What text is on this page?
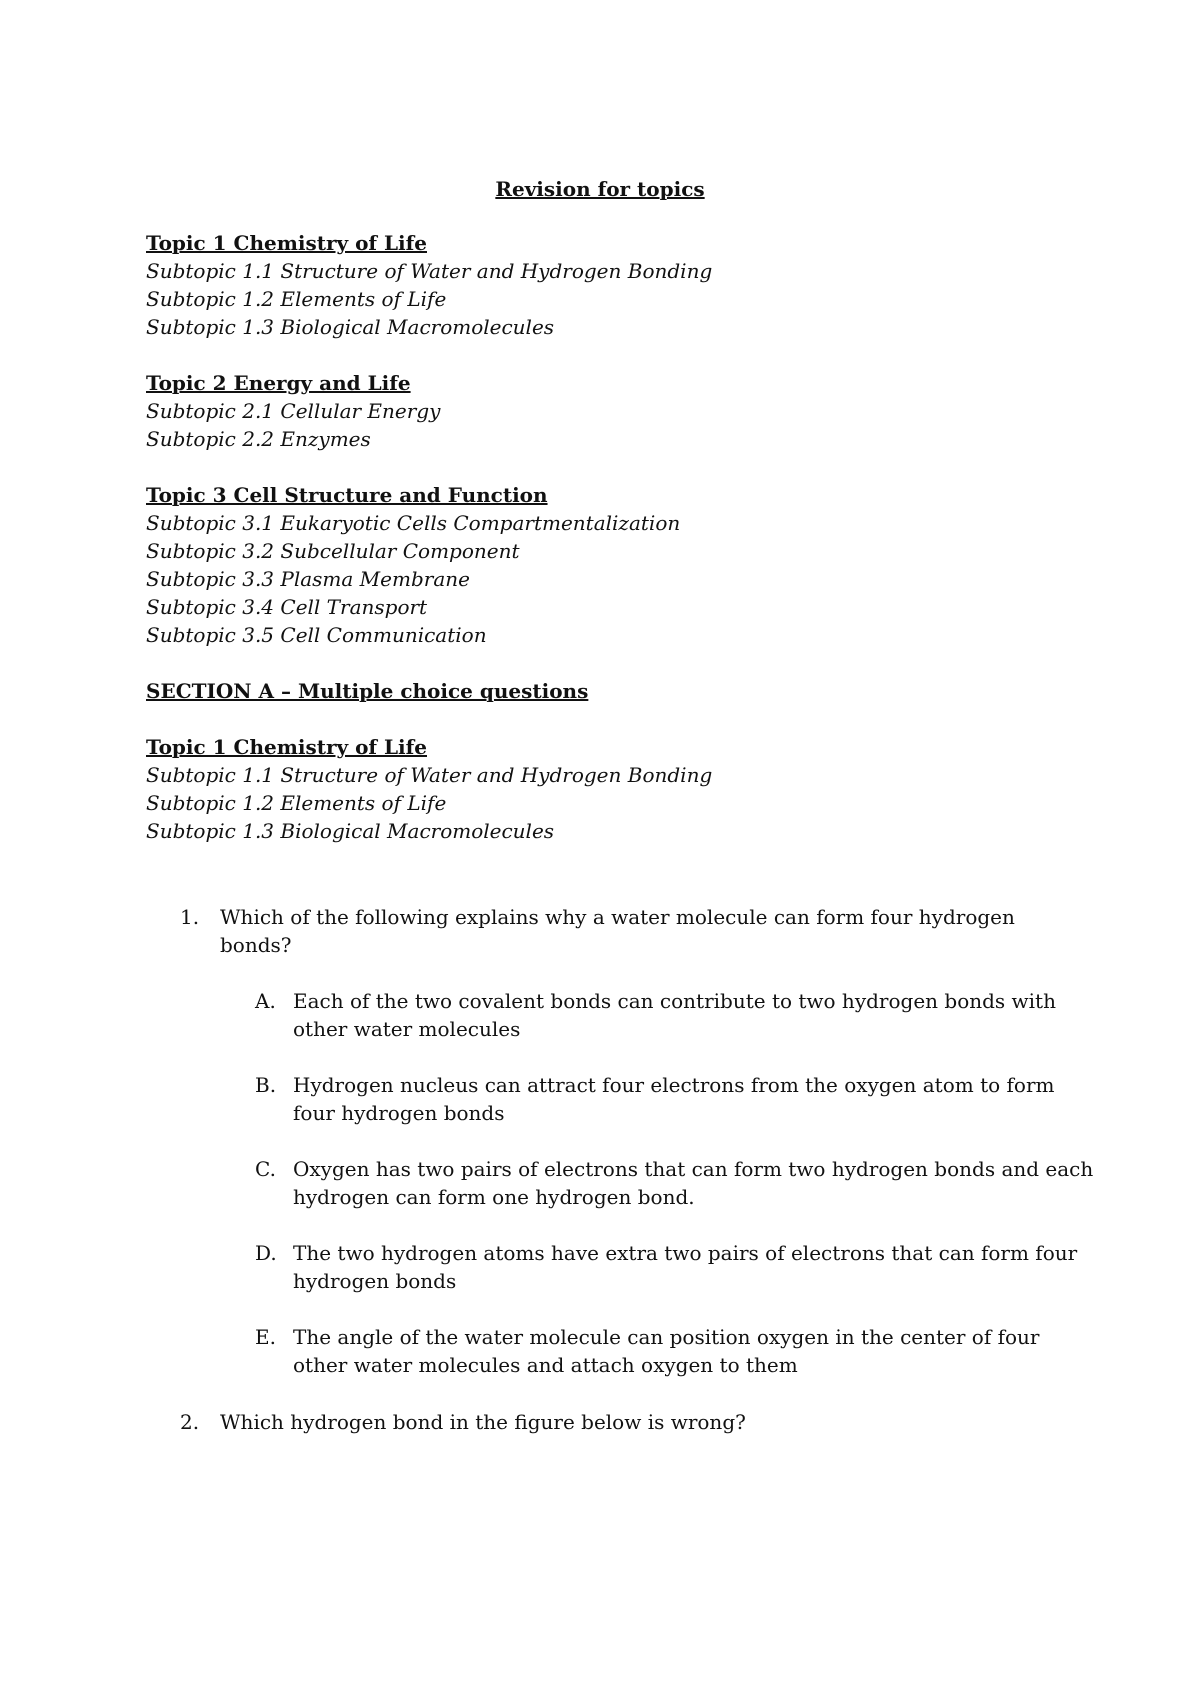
Revision for topics
Topic 1 Chemistry of Life
Subtopic 1.1 Structure of Water and Hydrogen Bonding
Subtopic 1.2 Elements of Life
Subtopic 1.3 Biological Macromolecules
Topic 2 Energy and Life
Subtopic 2.1 Cellular Energy
Subtopic 2.2 Enzymes
Topic 3 Cell Structure and Function
Subtopic 3.1 Eukaryotic Cells Compartmentalization
Subtopic 3.2 Subcellular Component
Subtopic 3.3 Plasma Membrane
Subtopic 3.4 Cell Transport
Subtopic 3.5 Cell Communication
SECTION A – Multiple choice questions
Topic 1 Chemistry of Life
Subtopic 1.1 Structure of Water and Hydrogen Bonding
Subtopic 1.2 Elements of Life
Subtopic 1.3 Biological Macromolecules
1. Which of the following explains why a water molecule can form four hydrogen
bonds?
A. Each of the two covalent bonds can contribute to two hydrogen bonds with
other water molecules
B. Hydrogen nucleus can attract four electrons from the oxygen atom to form
four hydrogen bonds
C. Oxygen has two pairs of electrons that can form two hydrogen bonds and each
hydrogen can form one hydrogen bond.
D. The two hydrogen atoms have extra two pairs of electrons that can form four
hydrogen bonds
E. The angle of the water molecule can position oxygen in the center of four
other water molecules and attach oxygen to them
2. Which hydrogen bond in the figure below is wrong?
